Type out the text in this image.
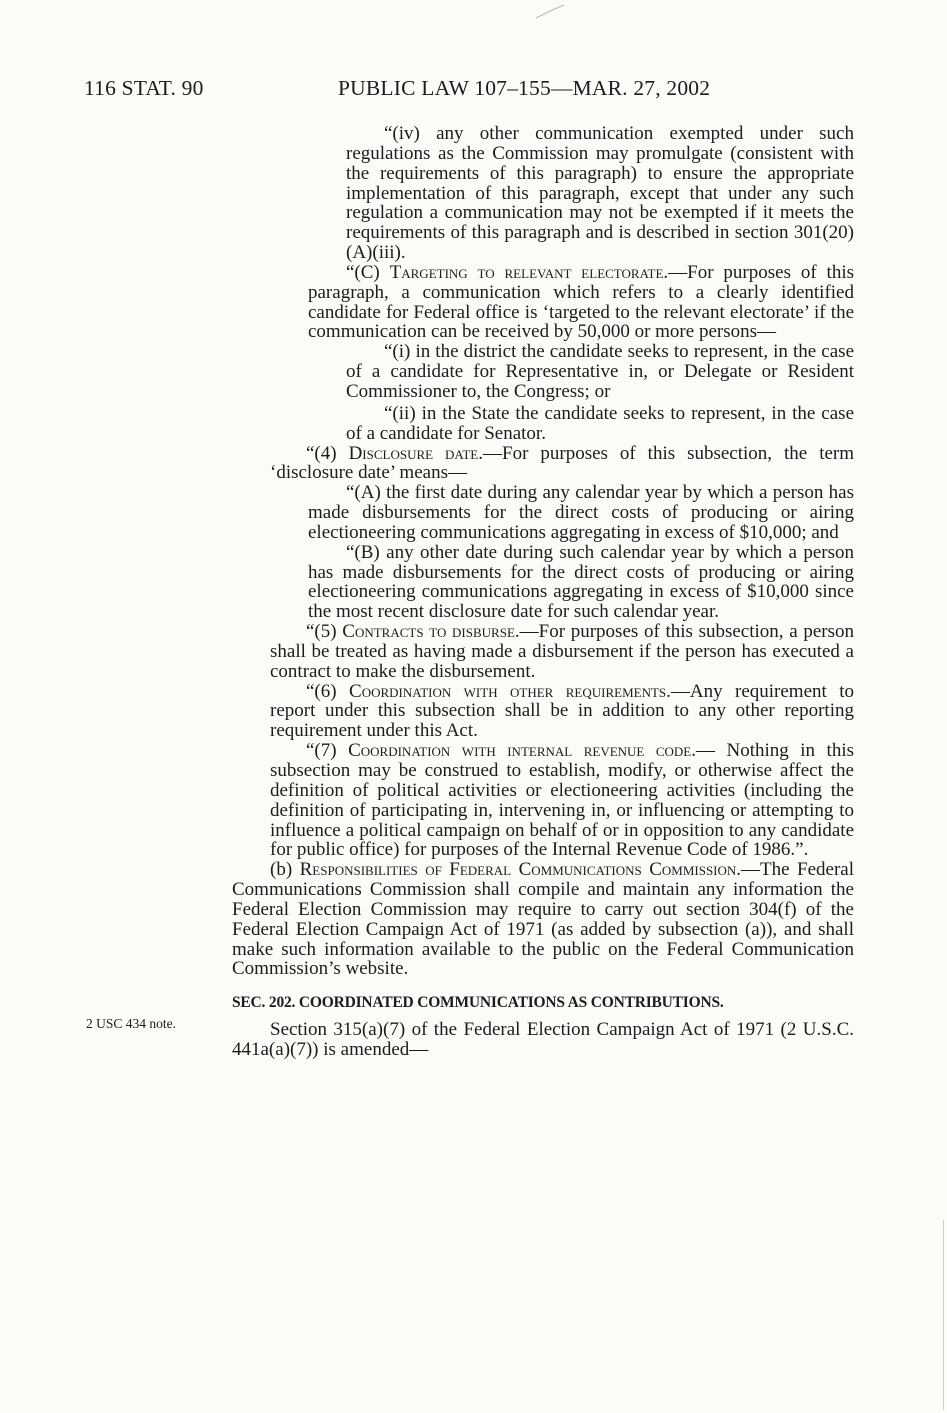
116 STAT. 90	PUBLIC LAW 107–155—MAR. 27, 2002
2 USC 434 note.

“(iv) any other communication exempted under such regulations as the Commission may promulgate (consistent with the requirements of this paragraph) to ensure the appropriate implementation of this paragraph, except that under any such regulation a communication may not be exempted if it meets the requirements of this paragraph and is described in section 301(20)(A)(iii).

“(C) Targeting to relevant electorate.—For purposes of this paragraph, a communication which refers to a clearly identified candidate for Federal office is ‘targeted to the relevant electorate’ if the communication can be received by 50,000 or more persons—

“(i) in the district the candidate seeks to represent, in the case of a candidate for Representative in, or Delegate or Resident Commissioner to, the Congress; or

“(ii) in the State the candidate seeks to represent, in the case of a candidate for Senator.

“(4) Disclosure date.—For purposes of this subsection, the term ‘disclosure date’ means—

“(A) the first date during any calendar year by which a person has made disbursements for the direct costs of producing or airing electioneering communications aggregating in excess of $10,000; and

“(B) any other date during such calendar year by which a person has made disbursements for the direct costs of producing or airing electioneering communications aggregating in excess of $10,000 since the most recent disclosure date for such calendar year.

“(5) Contracts to disburse.—For purposes of this subsection, a person shall be treated as having made a disbursement if the person has executed a contract to make the disbursement.

“(6) Coordination with other requirements.—Any requirement to report under this subsection shall be in addition to any other reporting requirement under this Act.

“(7) Coordination with internal revenue code.— Nothing in this subsection may be construed to establish, modify, or otherwise affect the definition of political activities or electioneering activities (including the definition of participating in, intervening in, or influencing or attempting to influence a political campaign on behalf of or in opposition to any candidate for public office) for purposes of the Internal Revenue Code of 1986.”.

(b) Responsibilities of Federal Communications Commission.—The Federal Communications Commission shall compile and maintain any information the Federal Election Commission may require to carry out section 304(f) of the Federal Election Campaign Act of 1971 (as added by subsection (a)), and shall make such information available to the public on the Federal Communication Commission’s website.

SEC. 202. COORDINATED COMMUNICATIONS AS CONTRIBUTIONS.

Section 315(a)(7) of the Federal Election Campaign Act of 1971 (2 U.S.C. 441a(a)(7)) is amended—
